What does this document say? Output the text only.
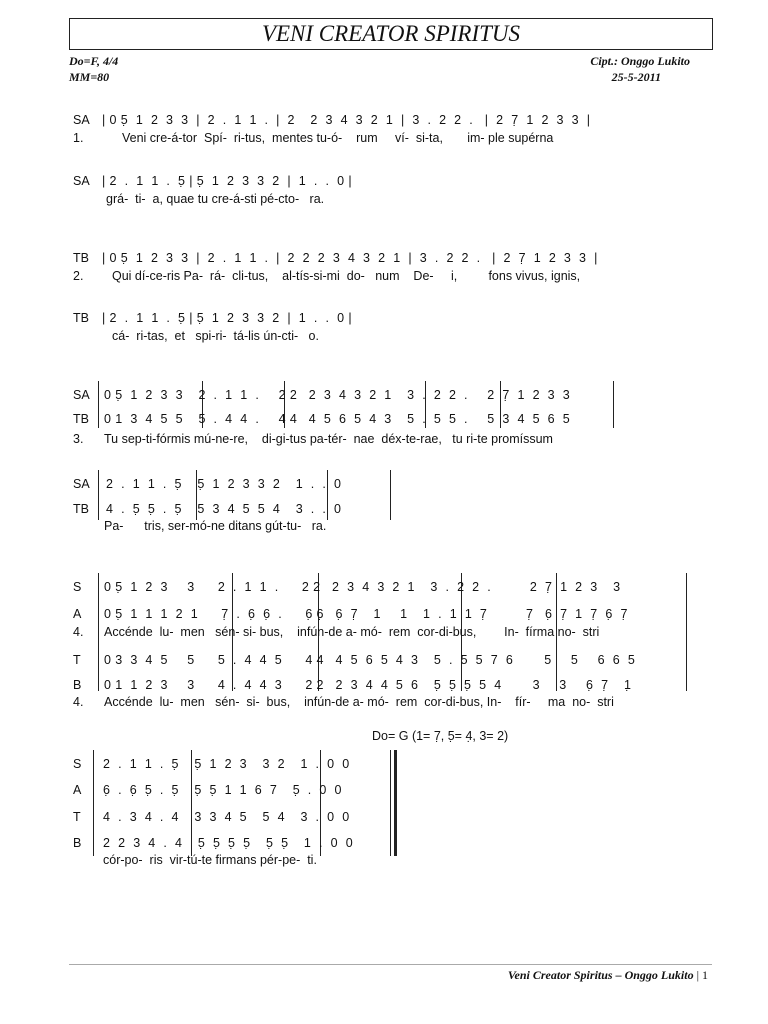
VENI CREATOR SPIRITUS
Do=F, 4/4
MM=80
Cipt.: Onggo Lukito
25-5-2011
SA | 0 5̣  1  2  3  3  |  2  .  1  1  .  |  2    2  3  4  3  2  1  |  3  .  2  2  .   |  2  7̣  1  2  3  3  |
1.	Veni cre-á-tor  Spí-  ri-tus,  mentes tu-ó-    rum     ví-  si-ta,       im- ple supérna
SA | 2  .  1  1  .  5̣ | 5̣  1  2  3  3  2  |  1  .  .  0 |
grá-  ti-  a, quae tu cre-á-sti pé-cto-   ra.
TB | 0 5̣  1  2  3  3  |  2  .  1  1  .  |  2  2  2  3  4  3  2  1  |  3  .  2  2  .   |  2  7̣  1  2  3  3  |
2. Qui dí-ce-ris Pa-  rá-  cli-tus,    al-tís-si-mi  do-   num    De-     i,         fons vivus, ignis,
TB | 2  .  1  1  .  5̣ | 5̣  1  2  3  3  2  |  1  .  .  0 |
cá-  ri-tas,  et   spi-ri-  tá-lis ún-cti-   o.
SA 0 5̣  1  2  3  3    2  .  1  1  .     2 2   2  3  4  3  2  1    3  .  2  2  .     2  7̣  1  2  3  3
TB 0 1  3  4  5  5    5  .  4  4  .     4 4   4  5  6  5  4  3    5  .  5  5  .     5  3  4  5  6  5
3. Tu sep-ti-fórmis mú-ne-re,    di-gi-tus pa-tér-  nae  déx-te-rae,   tu ri-te promíssum
SA 2  .  1  1  .  5̣    5̣  1  2  3  3  2    1  .  .  0
TB 4  .  5̣  5̣  .  5̣    5  3  4  5  5  4    3  .  .  0
Pa-      tris, ser-mó-ne ditans gút-tu-   ra.
S 0 5̣  1  2  3     3      2  .  1  1  .      2 2   2  3  4  3  2  1    3  .  2  2  .          2  7̣  1  2  3    3
A 0 5̣  1  1  1  2  1      7̣  .  6̣  6̣  .      6̣ 6̣   6̣  7̣    1     1    1  .  1  1  7̣          7̣   6̣  7̣  1  7̣  6̣  7̣
4. Accénde  lu-  men   sén- si- bus,    infún-de a- mó-  rem  cor-di-bus,        In-  fírma no-  stri
T 0 3  3  4  5     5      5  .  4  4  5      4 4   4  5  6  5  4  3    5  .  5  5  7  6        5     5     6  6  5
B 0 1  1  2  3     3      4  .  4  4  3      2 2   2  3  4  4  5  6    5̣  5̣  5̣  5  4        3     3     6̣  7̣    1̣
4. Accénde  lu-  men   sén-  si-  bus,    infún-de a- mó-  rem  cor-di-bus, In-    fír-     ma  no-  stri
Do= G (1= 7̣, 5̣= 4̣, 3= 2)
S 2  .  1  1  .  5̣    5̣  1  2  3    3  2    1  .  0  0
A 6̣  .  6̣  5̣  .  5̣    5̣  5̣  1  1  6  7    5̣  .  0  0
T 4  .  3  4  .  4    3  3  4  5    5  4    3  .  0  0
B 2  2  3  4  .  4    5̣  5̣  5̣  5̣    5̣  5̣    1  .  0  0
cór-po-  ris  vir-tú-te firmans pér-pe-  ti.
Veni Creator Spiritus – Onggo Lukito | 1
